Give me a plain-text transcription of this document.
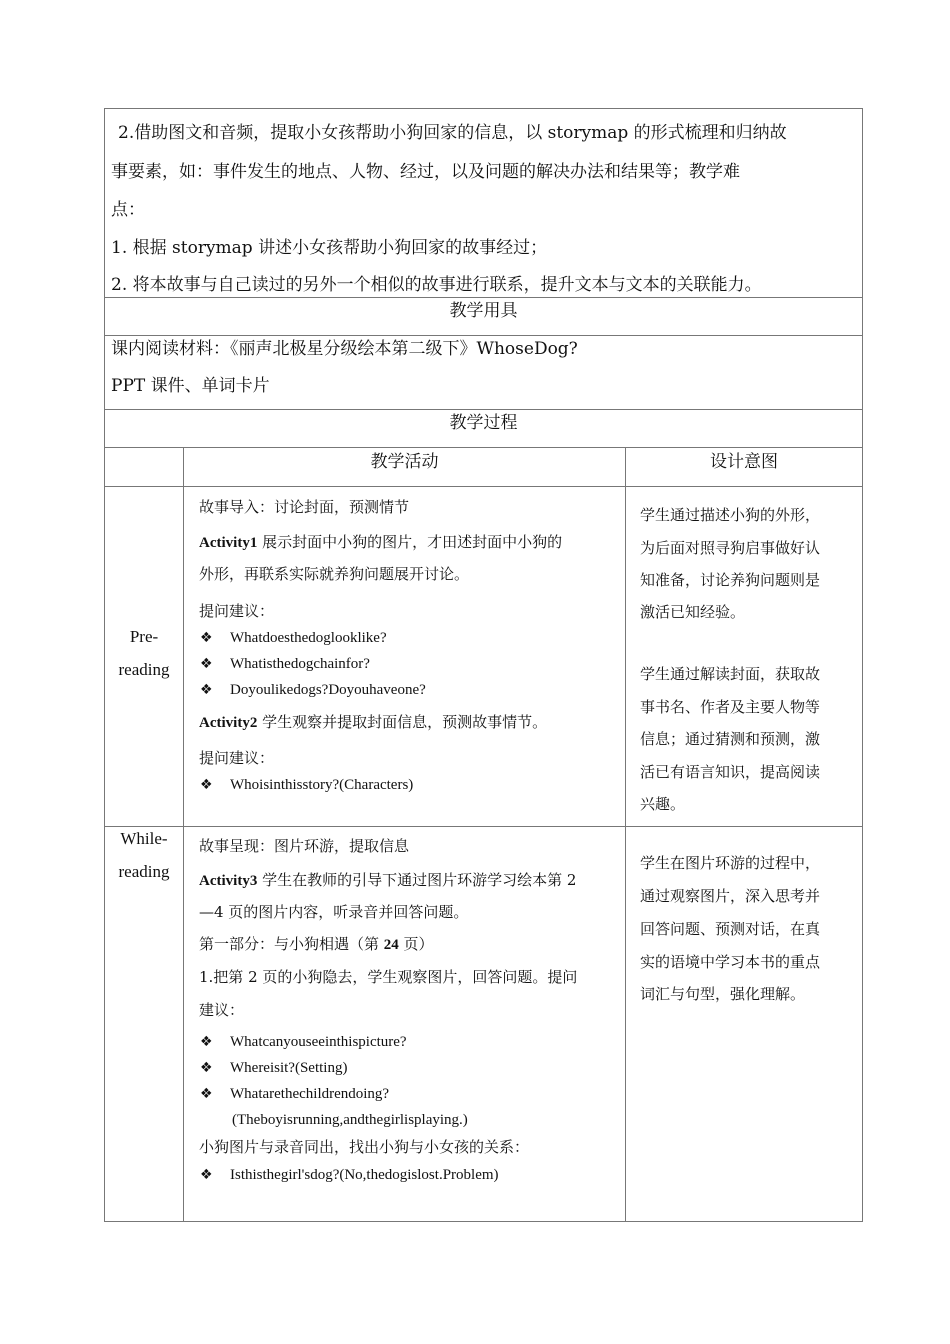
2.借助图文和音频，提取小女孩帮助小狗回家的信息，以 storymap 的形式梳理和归纳故
事要素，如：事件发生的地点、人物、经过，以及问题的解决办法和结果等；教学难
点：
1. 根据 storymap 讲述小女孩帮助小狗回家的故事经过；
2. 将本故事与自己读过的另外一个相似的故事进行联系，提升文本与文本的关联能力。
教学用具
课内阅读材料：《丽声北极星分级绘本第二级下》WhoseDog?
PPT 课件、单词卡片
教学过程
教学活动	设计意图
Pre-
reading
故事导入：讨论封面，预测情节
Activity1 展示封面中小狗的图片，才田述封面中小狗的
外形，再联系实际就养狗问题展开讨论。
提问建议：
❖ Whatdoesthedoglooklike?
❖ Whatisthedogchainfor?
❖ Doyoulikedogs?Doyouhaveone?
Activity2 学生观察并提取封面信息，预测故事情节。
提问建议：
❖ Whoisinthisstory?(Characters)
学生通过描述小狗的外形，
为后面对照寻狗启事做好认
知准备，讨论养狗问题则是
激活已知经验。
学生通过解读封面，获取故
事书名、作者及主要人物等
信息；通过猜测和预测，激
活已有语言知识，提高阅读
兴趣。
While-
reading
故事呈现：图片环游，提取信息
Activity3 学生在教师的引导下通过图片环游学习绘本第 2
—4 页的图片内容，听录音并回答问题。
第一部分：与小狗相遇（第 24 页）
1.把第 2 页的小狗隐去，学生观察图片，回答问题。提问
建议：
❖ Whatcanyouseeinthispicture?
❖ Whereisit?(Setting)
❖ Whatarethechildrendoing?
(Theboyisrunning,andthegirlisplaying.)
小狗图片与录音同出，找出小狗与小女孩的关系：
❖ Isthisthegirl'sdog?(No,thedogislost.Problem)
学生在图片环游的过程中，
通过观察图片，深入思考并
回答问题、预测对话，在真
实的语境中学习本书的重点
词汇与句型，强化理解。
